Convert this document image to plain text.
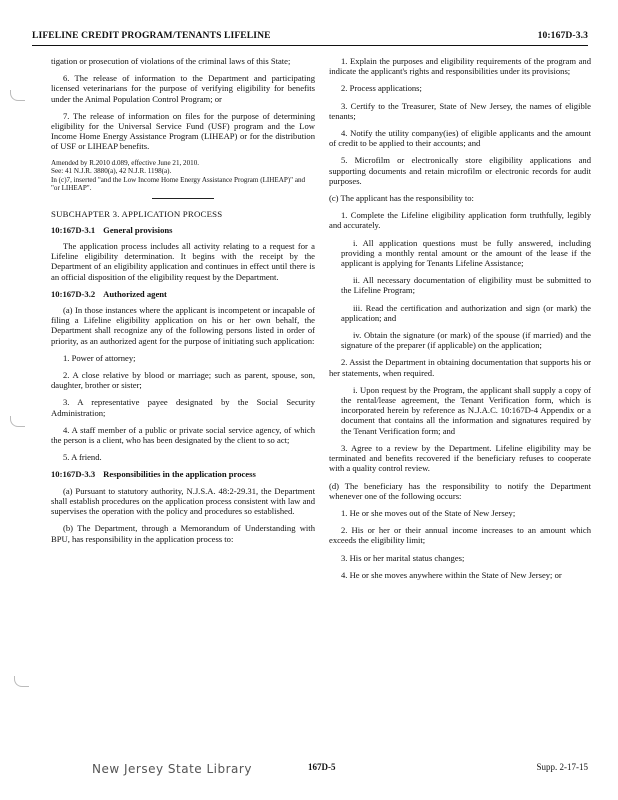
LIFELINE CREDIT PROGRAM/TENANTS LIFELINE	10:167D-3.3

tigation or prosecution of violations of the criminal laws of this State;

6. The release of information to the Department and participating licensed veterinarians for the purpose of verifying eligibility for benefits under the Animal Population Control Program; or

7. The release of information on files for the purpose of determining eligibility for the Universal Service Fund (USF) program and the Low Income Home Energy Assistance Program (LIHEAP) or for the distribution of USF or LIHEAP benefits.

Amended by R.2010 d.089, effective June 21, 2010.

See: 41 N.J.R. 3880(a), 42 N.J.R. 1198(a).

In (c)7, inserted "and the Low Income Home Energy Assistance Program (LIHEAP)" and "or LIHEAP".

SUBCHAPTER 3. APPLICATION PROCESS

10:167D-3.1 General provisions

The application process includes all activity relating to a request for a Lifeline eligibility determination. It begins with the receipt by the Department of an eligibility application and continues in effect until there is an official disposition of the eligibility request by the Department.

10:167D-3.2 Authorized agent

(a) In those instances where the applicant is incompetent or incapable of filing a Lifeline eligibility application on his or her own behalf, the Department shall recognize any of the following persons listed in order of priority, as an authorized agent for the purpose of initiating such application:

1. Power of attorney;

2. A close relative by blood or marriage; such as parent, spouse, son, daughter, brother or sister;

3. A representative payee designated by the Social Security Administration;

4. A staff member of a public or private social service agency, of which the person is a client, who has been designated by the client to so act;

5. A friend.

10:167D-3.3 Responsibilities in the application process

(a) Pursuant to statutory authority, N.J.S.A. 48:2-29.31, the Department shall establish procedures on the application process consistent with law and supervises the operation with the policy and procedures so established.

(b) The Department, through a Memorandum of Understanding with BPU, has responsibility in the application process to:

1. Explain the purposes and eligibility requirements of the program and indicate the applicant's rights and responsibilities under its provisions;

2. Process applications;

3. Certify to the Treasurer, State of New Jersey, the names of eligible tenants;

4. Notify the utility company(ies) of eligible applicants and the amount of credit to be applied to their accounts; and

5. Microfilm or electronically store eligibility applications and supporting documents and retain microfilm or electronic records for audit purposes.

(c) The applicant has the responsibility to:

1. Complete the Lifeline eligibility application form truthfully, legibly and accurately.

i. All application questions must be fully answered, including providing a monthly rental amount or the amount of the lease if the applicant is applying for Tenants Lifeline Assistance;

ii. All necessary documentation of eligibility must be submitted to the Lifeline Program;

iii. Read the certification and authorization and sign (or mark) the application; and

iv. Obtain the signature (or mark) of the spouse (if married) and the signature of the preparer (if applicable) on the application;

2. Assist the Department in obtaining documentation that supports his or her statements, when required.

i. Upon request by the Program, the applicant shall supply a copy of the rental/lease agreement, the Tenant Verification form, which is incorporated herein by reference as N.J.A.C. 10:167D-4 Appendix or a document that contains all the information and signatures required by the Tenant Verification form; and

3. Agree to a review by the Department. Lifeline eligibility may be terminated and benefits recovered if the beneficiary refuses to cooperate with a quality control review.

(d) The beneficiary has the responsibility to notify the Department whenever one of the following occurs:

1. He or she moves out of the State of New Jersey;

2. His or her or their annual income increases to an amount which exceeds the eligibility limit;

3. His or her marital status changes;

4. He or she moves anywhere within the State of New Jersey; or

New Jersey State Library	167D-5	Supp. 2-17-15
